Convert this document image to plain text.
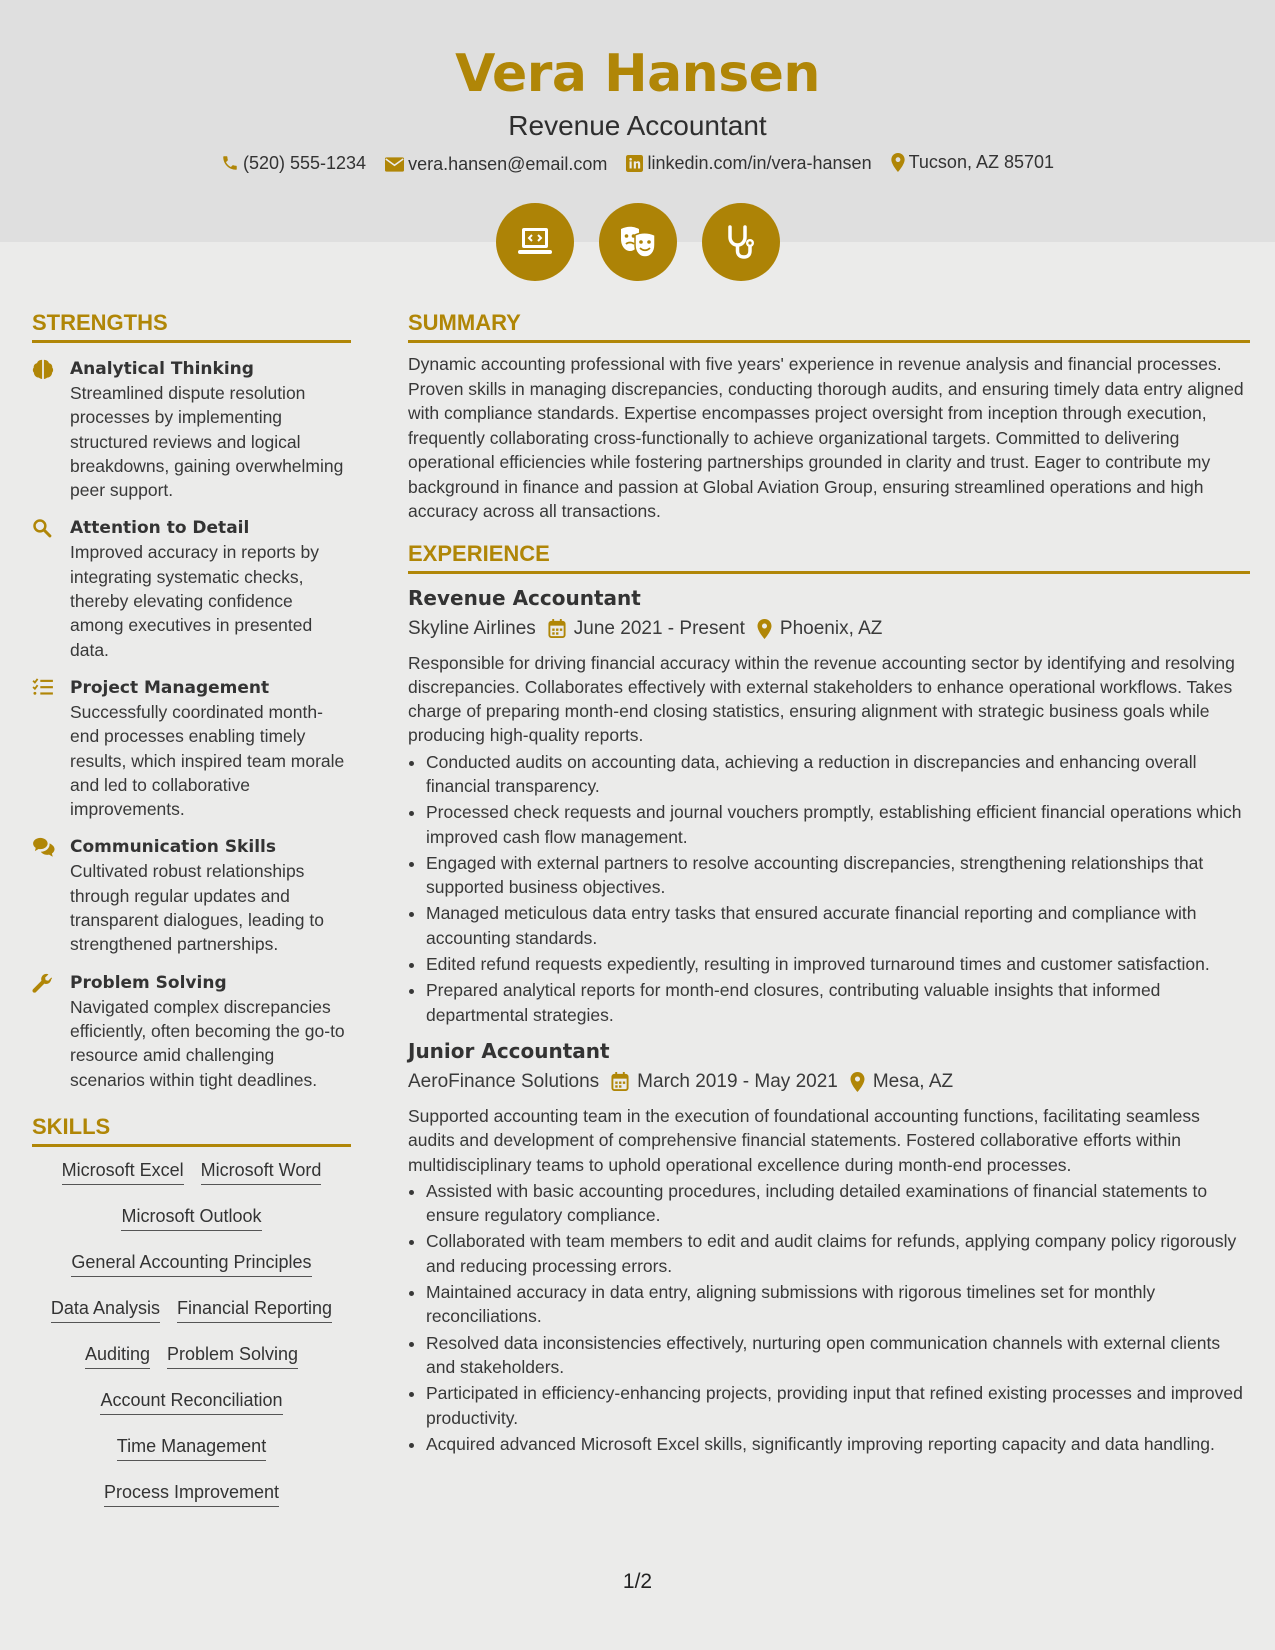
Vera Hansen
Revenue Accountant
(520) 555-1234
vera.hansen@email.com
linkedin.com/in/vera-hansen
Tucson, AZ 85701
STRENGTHS
Analytical Thinking
Streamlined dispute resolution processes by implementing structured reviews and logical breakdowns, gaining overwhelming peer support.
Attention to Detail
Improved accuracy in reports by integrating systematic checks, thereby elevating confidence among executives in presented data.
Project Management
Successfully coordinated month-end processes enabling timely results, which inspired team morale and led to collaborative improvements.
Communication Skills
Cultivated robust relationships through regular updates and transparent dialogues, leading to strengthened partnerships.
Problem Solving
Navigated complex discrepancies efficiently, often becoming the go-to resource amid challenging scenarios within tight deadlines.
SKILLS
Microsoft Excel Microsoft Word
Microsoft Outlook
General Accounting Principles
Data Analysis Financial Reporting
Auditing Problem Solving
Account Reconciliation
Time Management
Process Improvement
SUMMARY
Dynamic accounting professional with five years' experience in revenue analysis and financial processes. Proven skills in managing discrepancies, conducting thorough audits, and ensuring timely data entry aligned with compliance standards. Expertise encompasses project oversight from inception through execution, frequently collaborating cross-functionally to achieve organizational targets. Committed to delivering operational efficiencies while fostering partnerships grounded in clarity and trust. Eager to contribute my background in finance and passion at Global Aviation Group, ensuring streamlined operations and high accuracy across all transactions.
EXPERIENCE
Revenue Accountant
Skyline Airlines June 2021 - Present Phoenix, AZ
Responsible for driving financial accuracy within the revenue accounting sector by identifying and resolving discrepancies. Collaborates effectively with external stakeholders to enhance operational workflows. Takes charge of preparing month-end closing statistics, ensuring alignment with strategic business goals while producing high-quality reports.
• Conducted audits on accounting data, achieving a reduction in discrepancies and enhancing overall financial transparency.
• Processed check requests and journal vouchers promptly, establishing efficient financial operations which improved cash flow management.
• Engaged with external partners to resolve accounting discrepancies, strengthening relationships that supported business objectives.
• Managed meticulous data entry tasks that ensured accurate financial reporting and compliance with accounting standards.
• Edited refund requests expediently, resulting in improved turnaround times and customer satisfaction.
• Prepared analytical reports for month-end closures, contributing valuable insights that informed departmental strategies.
Junior Accountant
AeroFinance Solutions March 2019 - May 2021 Mesa, AZ
Supported accounting team in the execution of foundational accounting functions, facilitating seamless audits and development of comprehensive financial statements. Fostered collaborative efforts within multidisciplinary teams to uphold operational excellence during month-end processes.
• Assisted with basic accounting procedures, including detailed examinations of financial statements to ensure regulatory compliance.
• Collaborated with team members to edit and audit claims for refunds, applying company policy rigorously and reducing processing errors.
• Maintained accuracy in data entry, aligning submissions with rigorous timelines set for monthly reconciliations.
• Resolved data inconsistencies effectively, nurturing open communication channels with external clients and stakeholders.
• Participated in efficiency-enhancing projects, providing input that refined existing processes and improved productivity.
• Acquired advanced Microsoft Excel skills, significantly improving reporting capacity and data handling.
1/2
